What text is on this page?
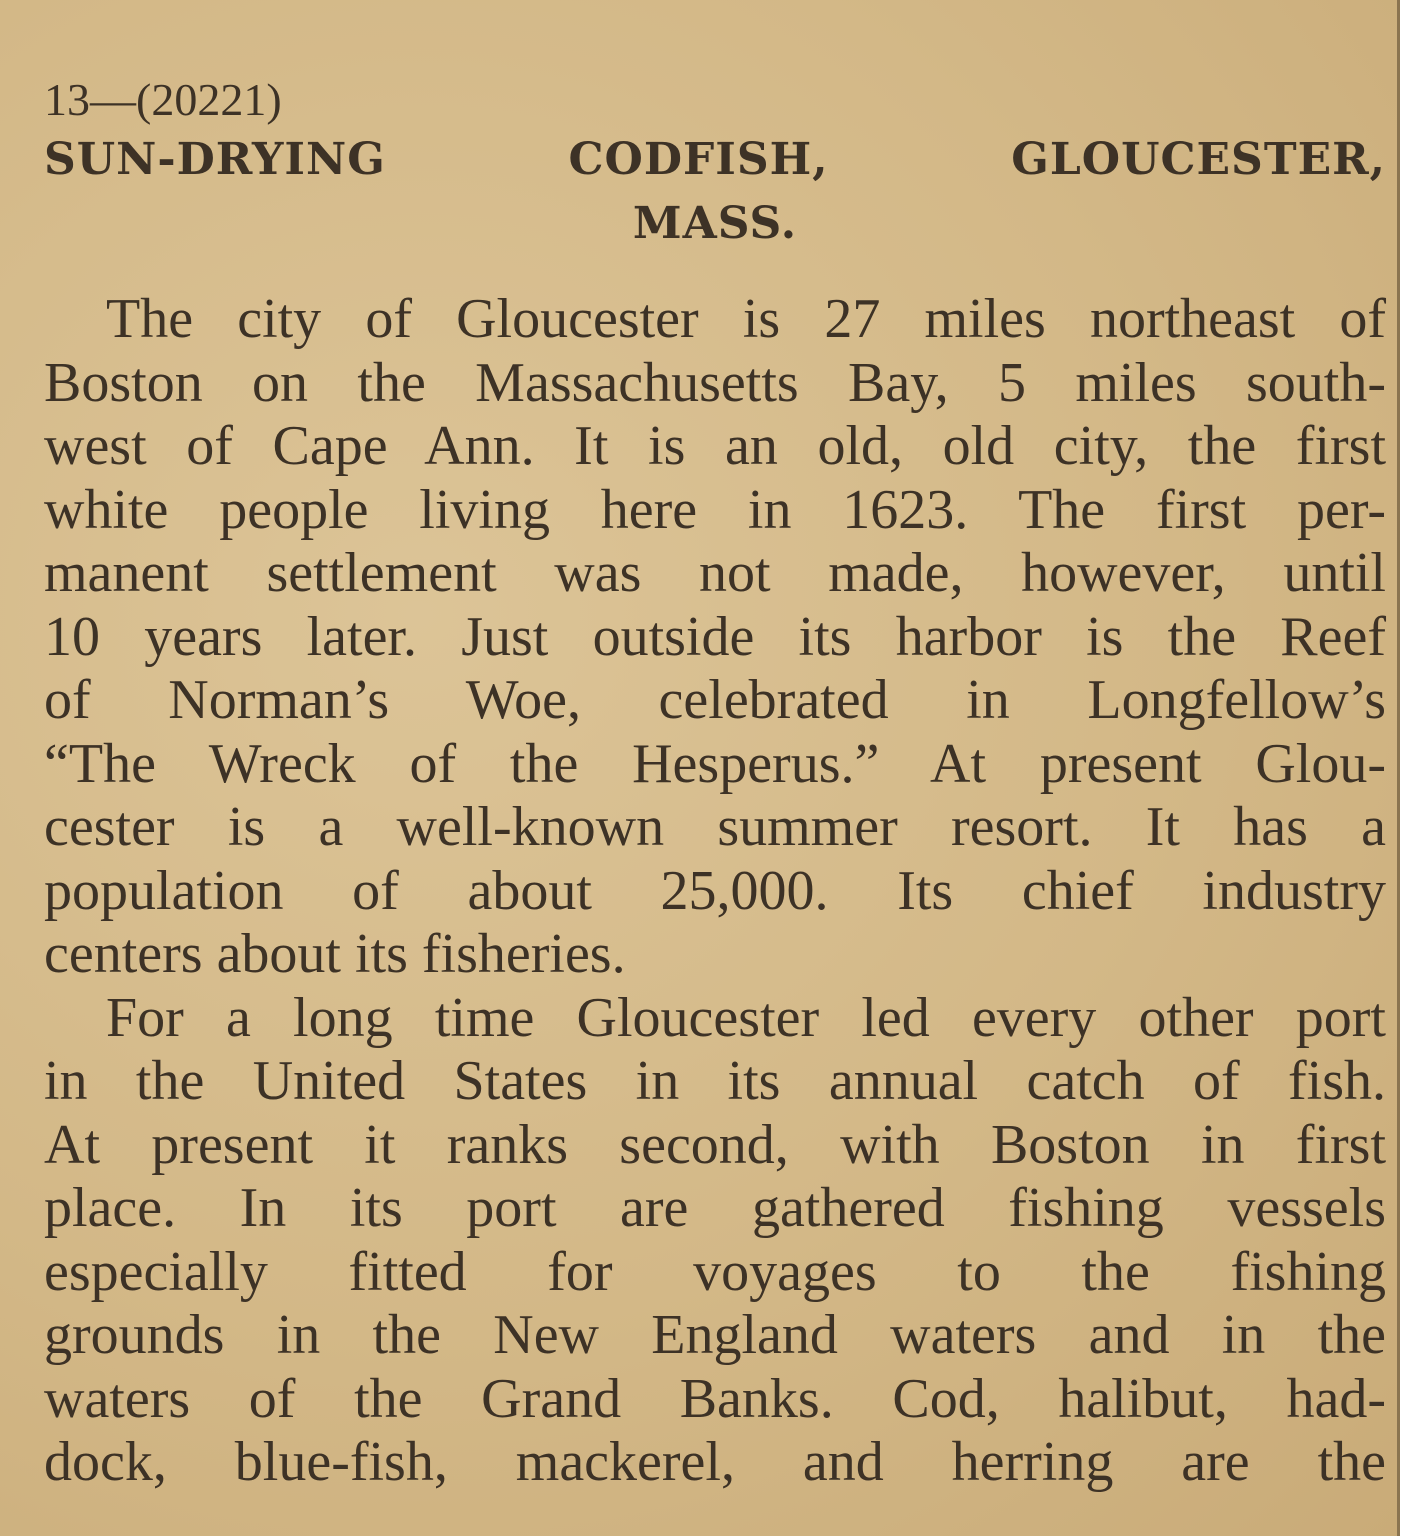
13—(20221)
SUN-DRYING CODFISH, GLOUCESTER,
MASS.
The city of Gloucester is 27 miles northeast of
Boston on the Massachusetts Bay, 5 miles south-
west of Cape Ann. It is an old, old city, the first
white people living here in 1623. The first per-
manent settlement was not made, however, until
10 years later. Just outside its harbor is the Reef
of Norman’s Woe, celebrated in Longfellow’s
“The Wreck of the Hesperus.” At present Glou-
cester is a well-known summer resort. It has a
population of about 25,000. Its chief industry
centers about its fisheries.
For a long time Gloucester led every other port
in the United States in its annual catch of fish.
At present it ranks second, with Boston in first
place. In its port are gathered fishing vessels
especially fitted for voyages to the fishing
grounds in the New England waters and in the
waters of the Grand Banks. Cod, halibut, had-
dock, blue-fish, mackerel, and herring are the
